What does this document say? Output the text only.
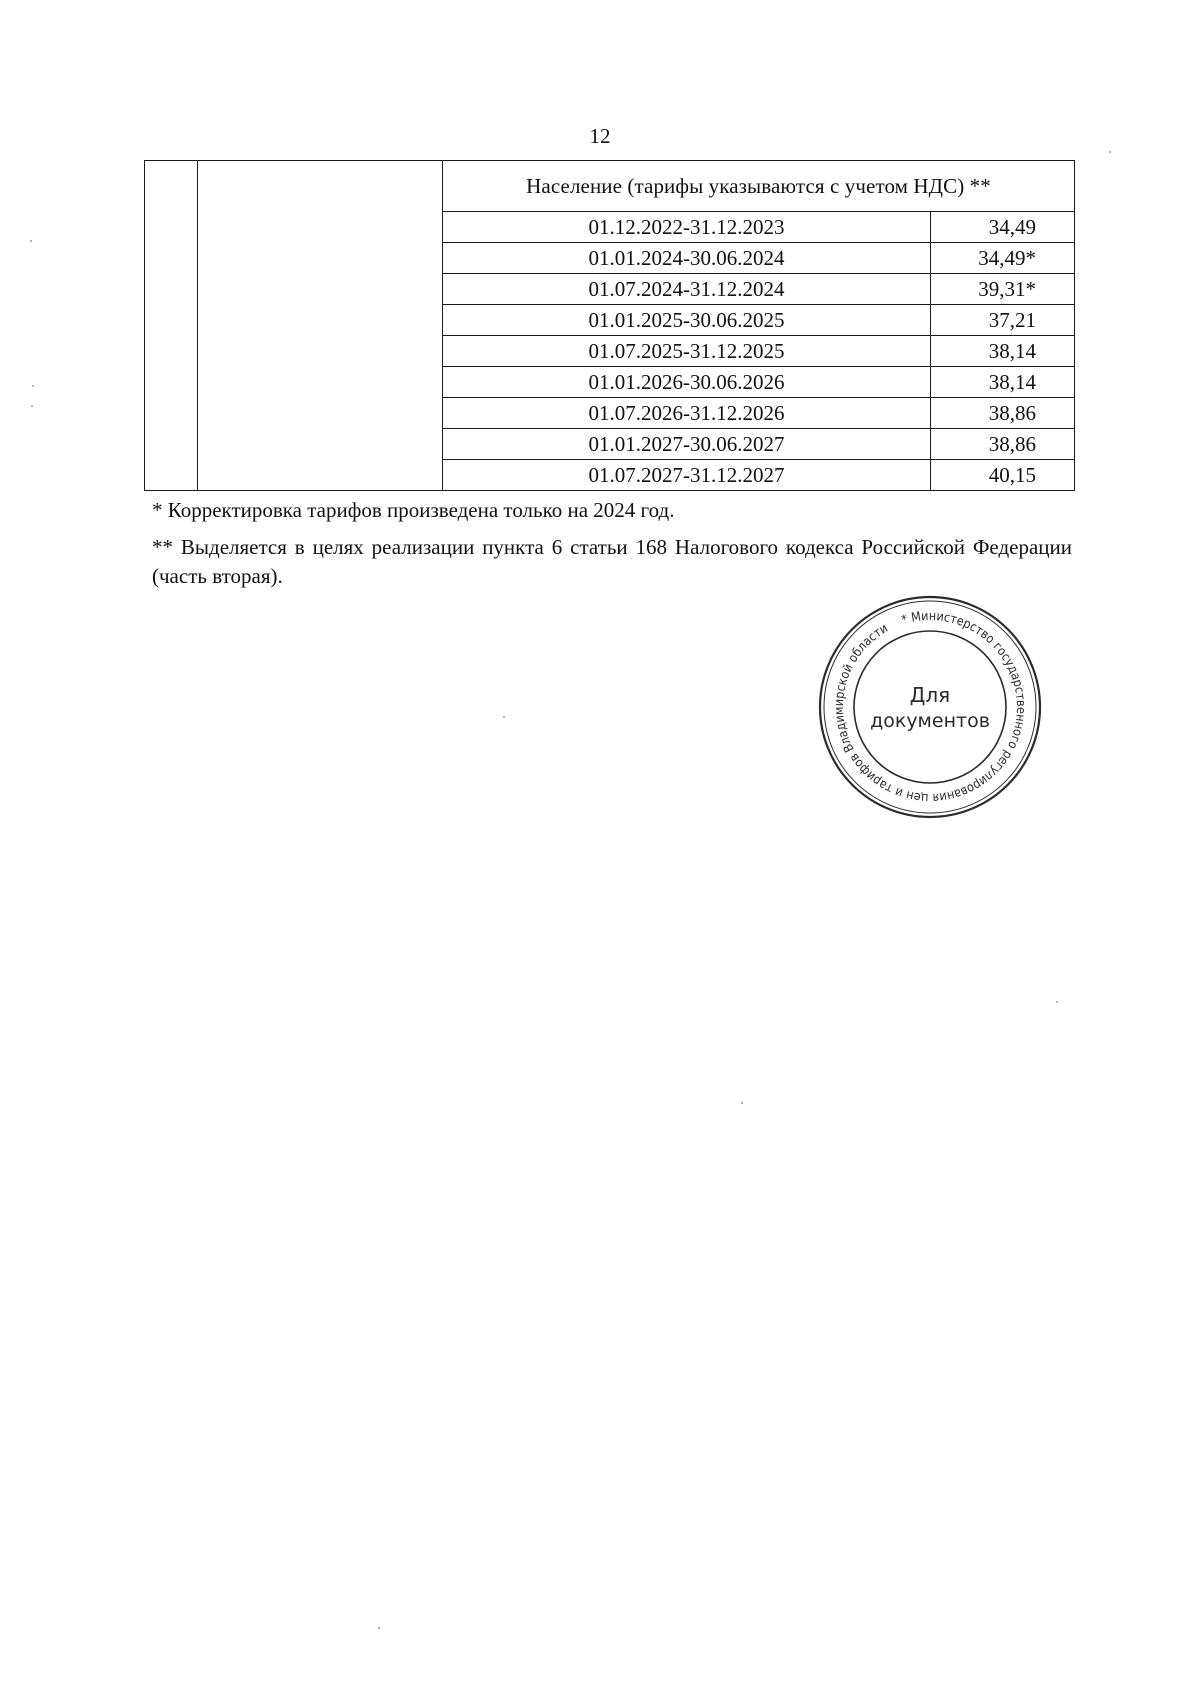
12
		Население (тарифы указываются с учетом НДС) **	
		01.12.2022-31.12.2023	34,49
		01.01.2024-30.06.2024	34,49*
		01.07.2024-31.12.2024	39,31*
		01.01.2025-30.06.2025	37,21
		01.07.2025-31.12.2025	38,14
		01.01.2026-30.06.2026	38,14
		01.07.2026-31.12.2026	38,86
		01.01.2027-30.06.2027	38,86
		01.07.2027-31.12.2027	40,15
* Корректировка тарифов произведена только на 2024 год.
** Выделяется в целях реализации пункта 6 статьи 168 Налогового кодекса Российской Федерации (часть вторая).
* Министерство государственного регулирования цен и тарифов Владимирской области
Для
документов
